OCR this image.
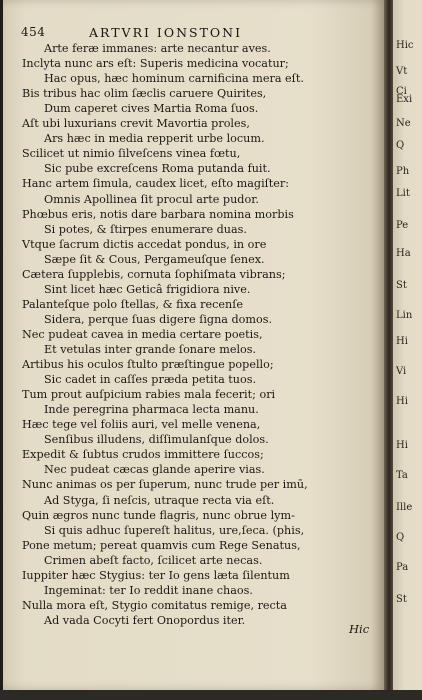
454	ARTVRI IONSTONI
Arte feræ immanes: arte necantur aves.
Inclyta nunc ars eſt: Superis medicina vocatur;
Hac opus, hæc hominum carnificina mera eſt.
Bis tribus hac olim ſæclis caruere Quirites,
Dum caperet cives Martia Roma ſuos.
Aſt ubi luxurians crevit Mavortia proles,
Ars hæc in media repperit urbe locum.
Scilicet ut nimio ſilveſcens vinea fœtu,
Sic pube excreſcens Roma putanda fuit.
Hanc artem ſimula, caudex licet, eſto magiſter:
Omnis Apollinea ſit procul arte pudor.
Phœbus eris, notis dare barbara nomina morbis
Si potes, & ſtirpes enumerare duas.
Vtque ſacrum dictis accedat pondus, in ore
Sæpe ſit & Cous, Pergameuſque ſenex.
Cætera ſupplebis, cornuta ſophiſmata vibrans;
Sint licet hæc Geticâ frigidiora nive.
Palanteſque polo ſtellas, & fixa recenſe
Sidera, perque ſuas digere ſigna domos.
Nec pudeat cavea in media certare poetis,
Et vetulas inter grande ſonare melos.
Artibus his oculos ſtulto præſtingue popello;
Sic cadet in caſſes præda petita tuos.
Tum prout auſpicium rabies mala fecerit; ori
Inde peregrina pharmaca lecta manu.
Hæc tege vel foliis auri, vel melle venena,
Senſibus illudens, diſſimulanſque dolos.
Expedit & ſubtus crudos immittere ſuccos;
Nec pudeat cæcas glande aperire vias.
Nunc animas os per ſuperum, nunc trude per imū,
Ad Styga, ſi neſcis, utraque recta via eſt.
Quin ægros nunc tunde flagris, nunc obrue lym-
Si quis adhuc ſupereſt halitus, ure,ſeca. (phis,
Pone metum; pereat quamvis cum Rege Senatus,
Crimen abeſt facto, ſcilicet arte necas.
Iuppiter hæc Stygius: ter Io gens læta ſilentum
Ingeminat: ter Io reddit inane chaos.
Nulla mora eſt, Stygio comitatus remige, recta
Ad vada Cocyti fert Onopordus iter.
Hic
Hic
Vt
Ci
Exi
Ne
Q
Ph
Lit
Pe
Ha
St
Lin
Hi
Vi
Hi
Hi
Ta
Ille
Q
Pa
St
